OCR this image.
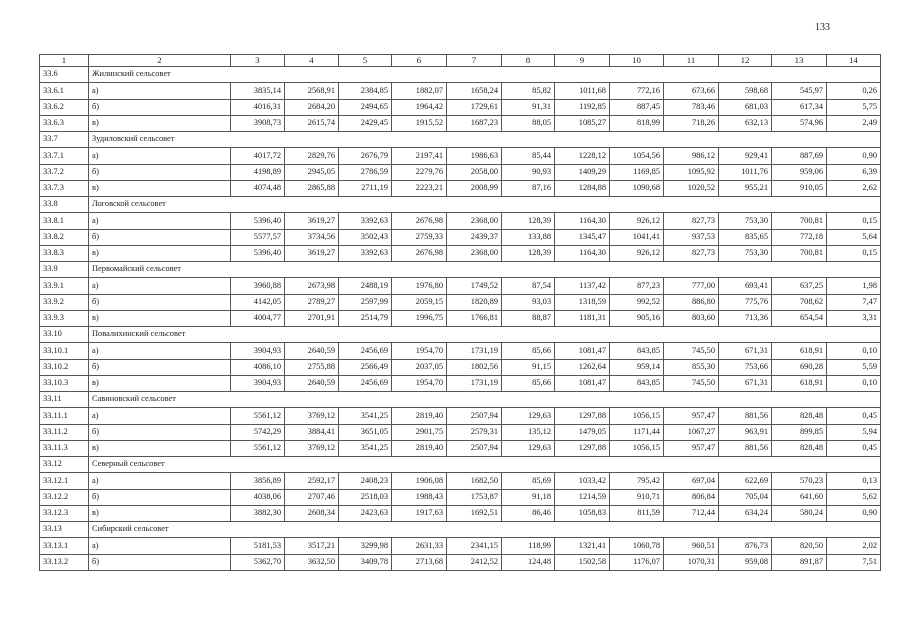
133
1	2	3	4	5	6	7	8	9	10	11	12	13	14
33.6	Жилинский сельсовет												
33.6.1	а)	3835,14	2568,91	2384,85	1882,07	1658,24	85,82	1011,68	772,16	673,66	598,68	545,97	0,26
33.6.2	б)	4016,31	2684,20	2494,65	1964,42	1729,61	91,31	1192,85	887,45	783,46	681,03	617,34	5,75
33.6.3	в)	3908,73	2615,74	2429,45	1915,52	1687,23	88,05	1085,27	818,99	718,26	632,13	574,96	2,49
33.7	Зудиловский сельсовет												
33.7.1	а)	4017,72	2829,76	2676,79	2197,41	1986,63	85,44	1228,12	1054,56	986,12	929,41	887,69	0,90
33.7.2	б)	4198,89	2945,05	2786,59	2279,76	2058,00	90,93	1409,29	1169,85	1095,92	1011,76	959,06	6,39
33.7.3	в)	4074,48	2865,88	2711,19	2223,21	2008,99	87,16	1284,88	1090,68	1020,52	955,21	910,05	2,62
33.8	Логовской сельсовет												
33.8.1	а)	5396,40	3619,27	3392,63	2676,98	2368,00	128,39	1164,30	926,12	827,73	753,30	700,81	0,15
33.8.2	б)	5577,57	3734,56	3502,43	2759,33	2439,37	133,88	1345,47	1041,41	937,53	835,65	772,18	5,64
33.8.3	в)	5396,40	3619,27	3392,63	2676,98	2368,00	128,39	1164,30	926,12	827,73	753,30	700,81	0,15
33.9	Первомайский сельсовет												
33.9.1	а)	3960,88	2673,98	2488,19	1976,80	1749,52	87,54	1137,42	877,23	777,00	693,41	637,25	1,98
33.9.2	б)	4142,05	2789,27	2597,99	2059,15	1820,89	93,03	1318,59	992,52	886,80	775,76	708,62	7,47
33.9.3	в)	4004,77	2701,91	2514,79	1996,75	1766,81	88,87	1181,31	905,16	803,60	713,36	654,54	3,31
33.10	Повалихинский сельсовет												
33.10.1	а)	3904,93	2640,59	2456,69	1954,70	1731,19	85,66	1081,47	843,85	745,50	671,31	618,91	0,10
33.10.2	б)	4086,10	2755,88	2566,49	2037,05	1802,56	91,15	1262,64	959,14	855,30	753,66	690,28	5,59
33.10.3	в)	3904,93	2640,59	2456,69	1954,70	1731,19	85,66	1081,47	843,85	745,50	671,31	618,91	0,10
33.11	Савиновский сельсовет												
33.11.1	а)	5561,12	3769,12	3541,25	2819,40	2507,94	129,63	1297,88	1056,15	957,47	881,56	828,48	0,45
33.11.2	б)	5742,29	3884,41	3651,05	2901,75	2579,31	135,12	1479,05	1171,44	1067,27	963,91	899,85	5,94
33.11.3	в)	5561,12	3769,12	3541,25	2819,40	2507,94	129,63	1297,88	1056,15	957,47	881,56	828,48	0,45
33.12	Северный сельсовет												
33.12.1	а)	3856,89	2592,17	2408,23	1906,08	1682,50	85,69	1033,42	795,42	697,04	622,69	570,23	0,13
33.12.2	б)	4038,06	2707,46	2518,03	1988,43	1753,87	91,18	1214,59	910,71	806,84	705,04	641,60	5,62
33.12.3	в)	3882,30	2608,34	2423,63	1917,63	1692,51	86,46	1058,83	811,59	712,44	634,24	580,24	0,90
33.13	Сибирский сельсовет												
33.13.1	а)	5181,53	3517,21	3299,98	2631,33	2341,15	118,99	1321,41	1060,78	960,51	876,73	820,50	2,02
33.13.2	б)	5362,70	3632,50	3409,78	2713,68	2412,52	124,48	1502,58	1176,07	1070,31	959,08	891,87	7,51
